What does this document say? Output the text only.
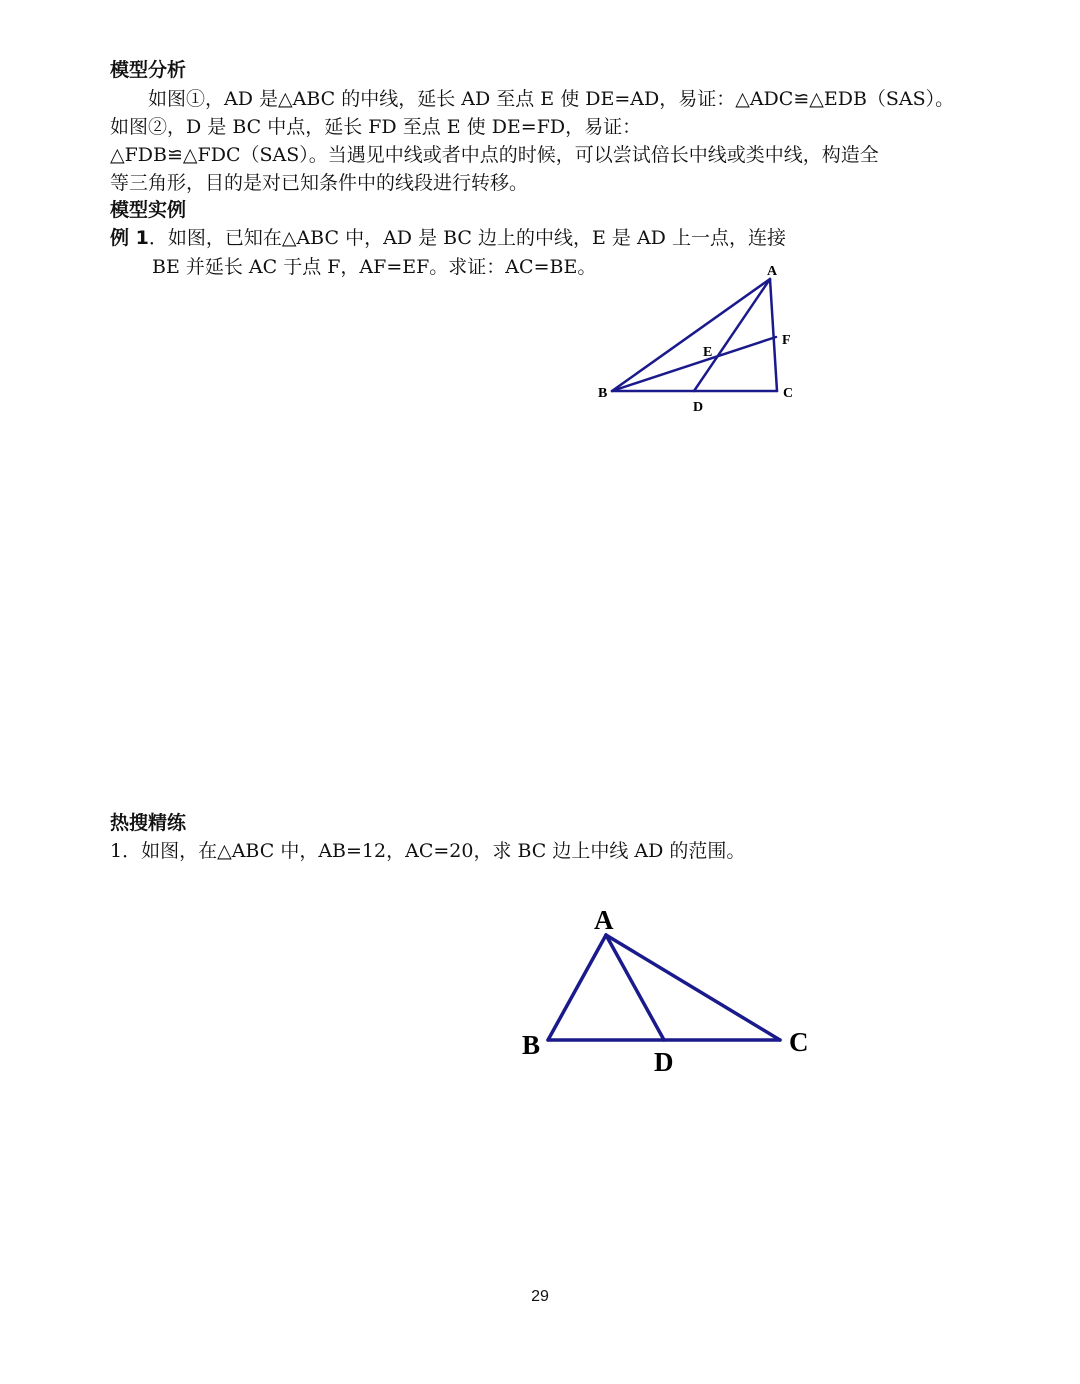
模型分析
　　如图①，AD 是△ABC 的中线，延长 AD 至点 E 使 DE=AD，易证：△ADC≌△EDB（SAS）。
如图②，D 是 BC 中点，延长 FD 至点 E 使 DE=FD，易证：
△FDB≌△FDC（SAS）。当遇见中线或者中点的时候，可以尝试倍长中线或类中线，构造全
等三角形，目的是对已知条件中的线段进行转移。
模型实例
例 1．如图，已知在△ABC 中，AD 是 BC 边上的中线，E 是 AD 上一点，连接
BE 并延长 AC 于点 F，AF=EF。求证：AC=BE。
热搜精练
1．如图，在△ABC 中，AB=12，AC=20，求 BC 边上中线 AD 的范围。
A
B	C
D
E
F
A
B	C
D
29
